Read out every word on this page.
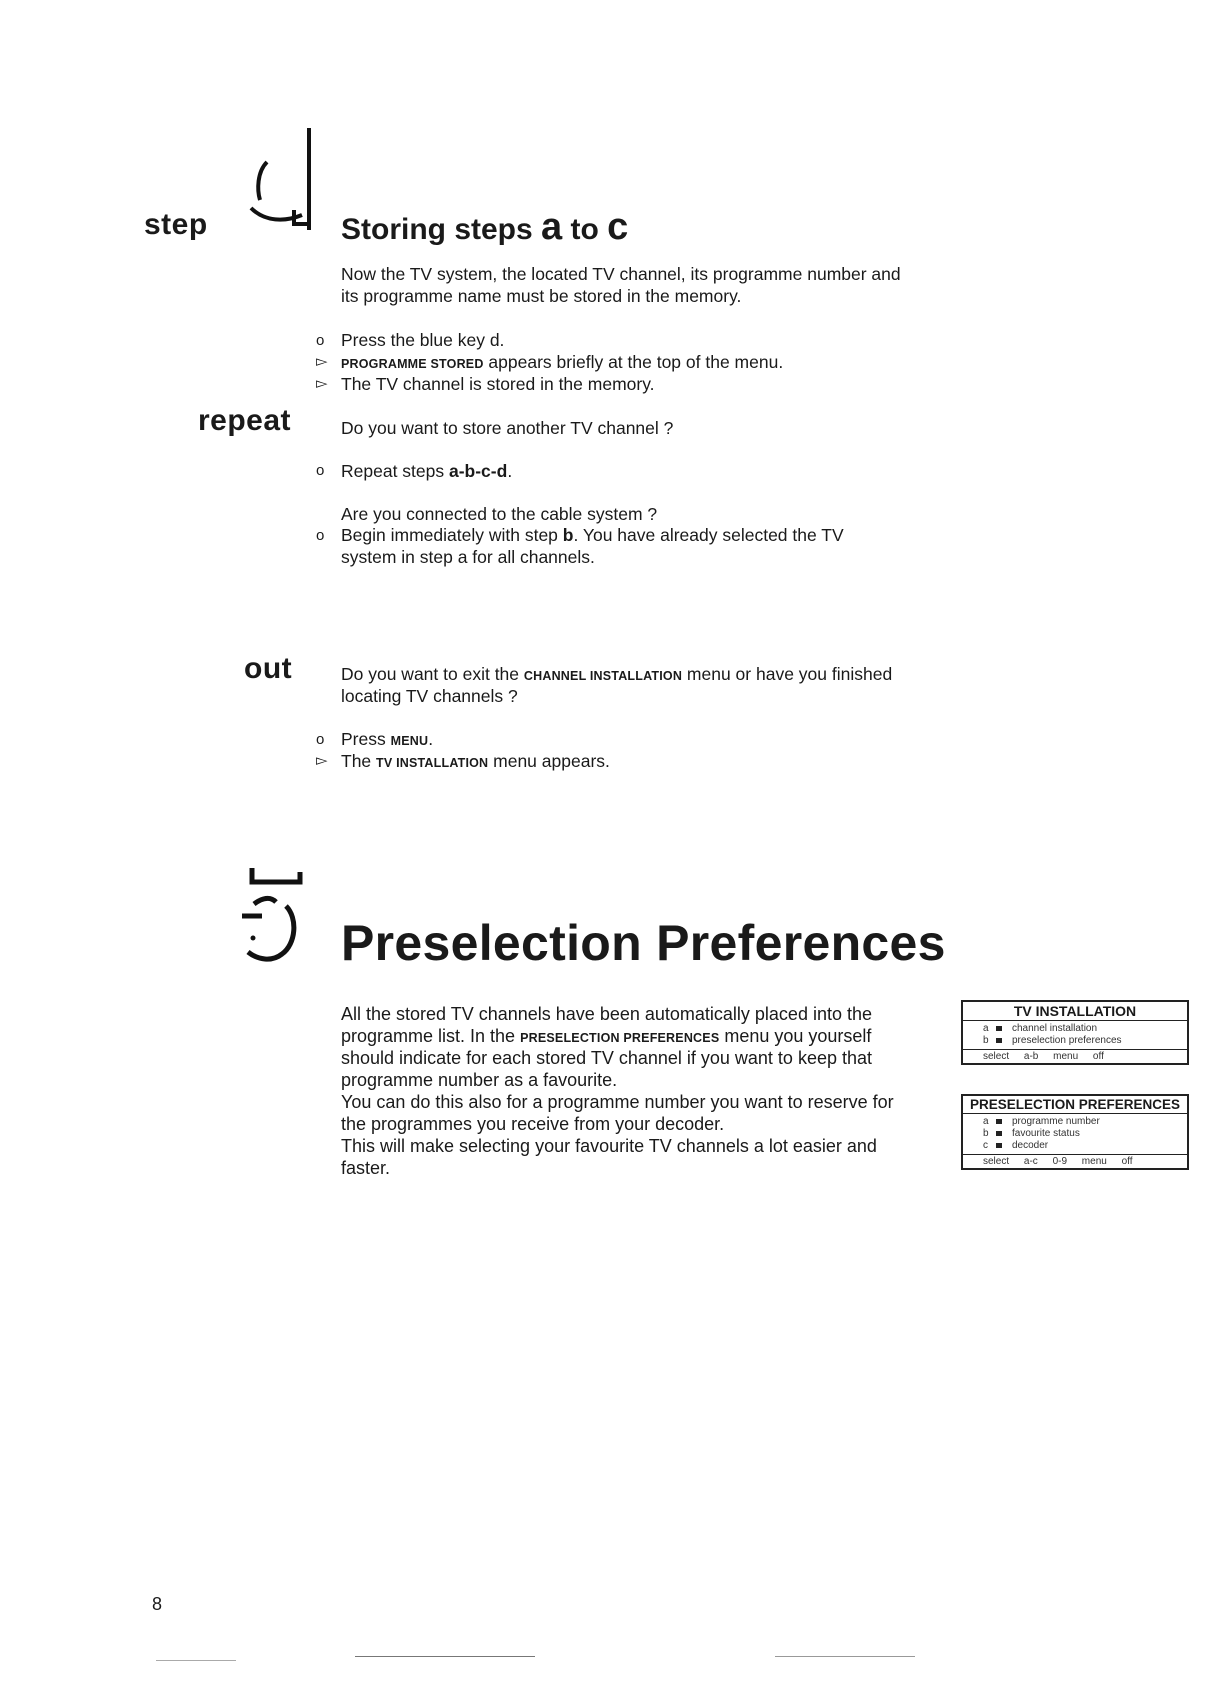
step	Storing steps a to c
Now the TV system, the located TV channel, its programme number and
its programme name must be stored in the memory.
o Press the blue key d.
▻ PROGRAMME STORED appears briefly at the top of the menu.
▻ The TV channel is stored in the memory.
repeat	Do you want to store another TV channel ?
o Repeat steps a-b-c-d.
Are you connected to the cable system ?
o Begin immediately with step b. You have already selected the TV
system in step a for all channels.
out	Do you want to exit the CHANNEL INSTALLATION menu or have you finished
locating TV channels ?
o Press MENU.
▻ The TV INSTALLATION menu appears.
Preselection Preferences
All the stored TV channels have been automatically placed into the
programme list. In the PRESELECTION PREFERENCES menu you yourself
should indicate for each stored TV channel if you want to keep that
programme number as a favourite.
You can do this also for a programme number you want to reserve for
the programmes you receive from your decoder.
This will make selecting your favourite TV channels a lot easier and
faster.
TV INSTALLATION
a channel installation
b preselection preferences
select a-b menu off
PRESELECTION PREFERENCES
a programme number
b favourite status
c decoder
select a-c 0-9 menu off
8
